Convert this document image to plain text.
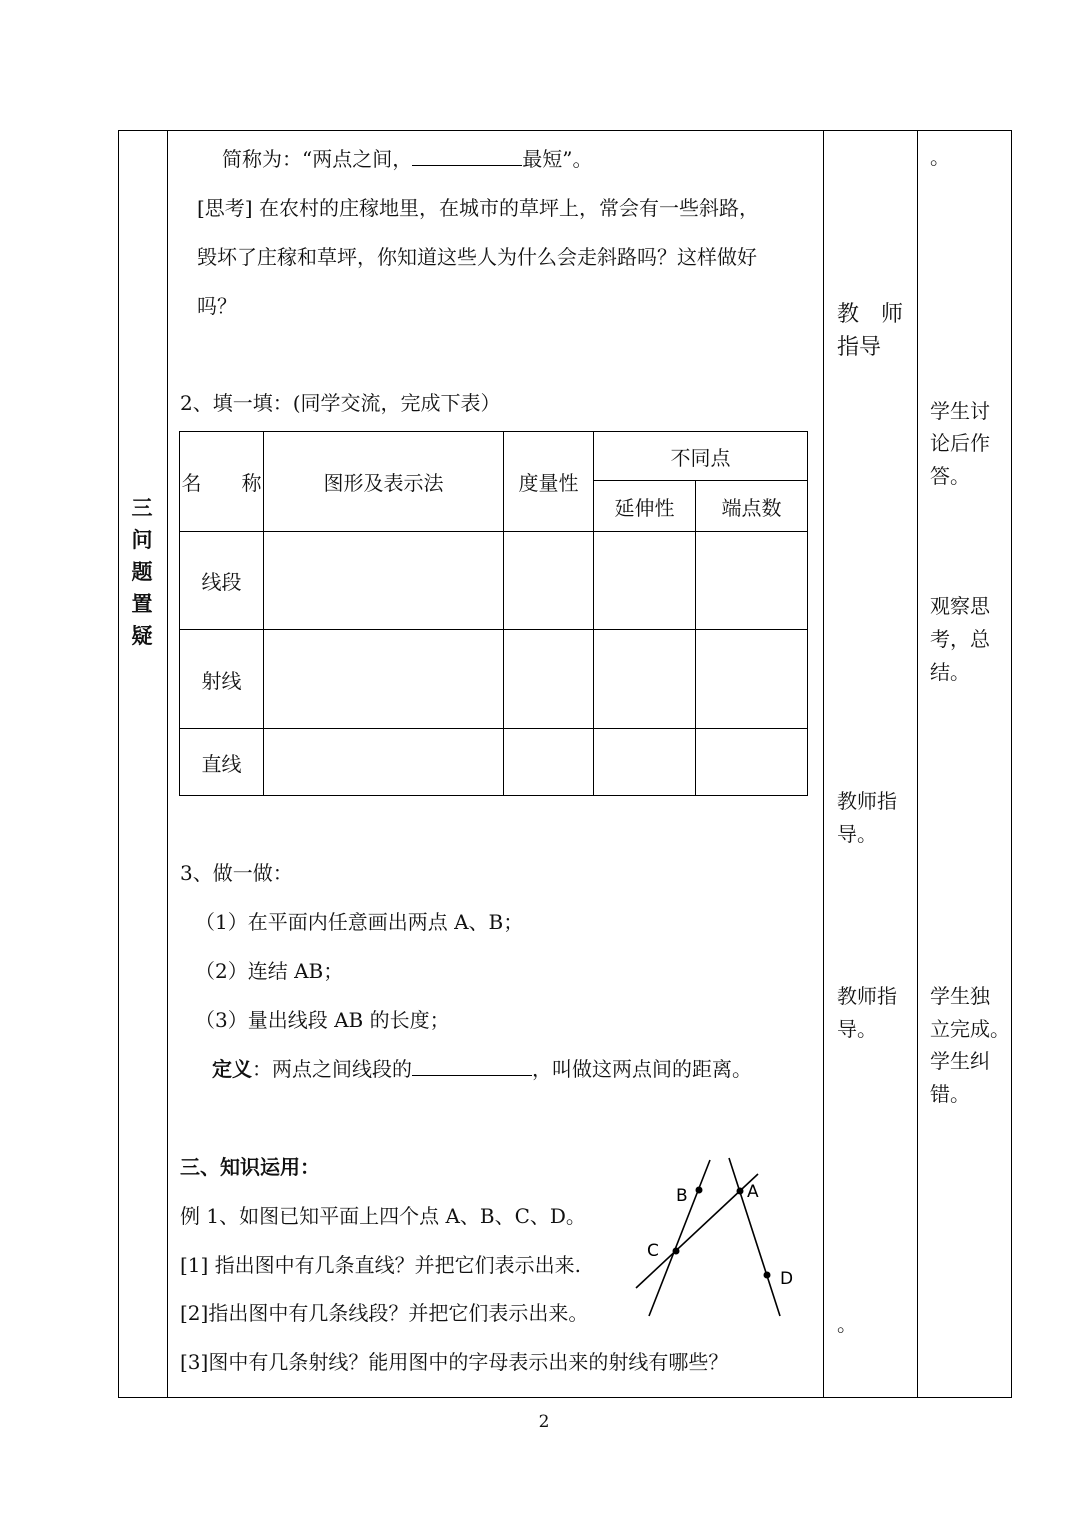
三
问
题
置
疑
简称为：“两点之间，	最短”。
[思考] 在农村的庄稼地里，在城市的草坪上，常会有一些斜路，
毁坏了庄稼和草坪，你知道这些人为什么会走斜路吗？这样做好
吗？
2、填一填：(同学交流，完成下表）
名　　称	图形及表示法	度量性
不同点
延伸性	端点数
线段
射线
直线
3、做一做：
（1）在平面内任意画出两点 A、B；
（2）连结 AB；
（3）量出线段 AB 的长度；
定义：两点之间线段的	，叫做这两点间的距离。
三、知识运用：
例 1、如图已知平面上四个点 A、B、C、D。
[1] 指出图中有几条直线？并把它们表示出来.
[2]指出图中有几条线段？并把它们表示出来。
[3]图中有几条射线？能用图中的字母表示出来的射线有哪些？
B	A
C
D
教　师
指导
教师指
导。
教师指
导。
。
。
学生讨
论后作
答。
观察思
考，总
结。
学生独
立完成。
学生纠
错。
2
